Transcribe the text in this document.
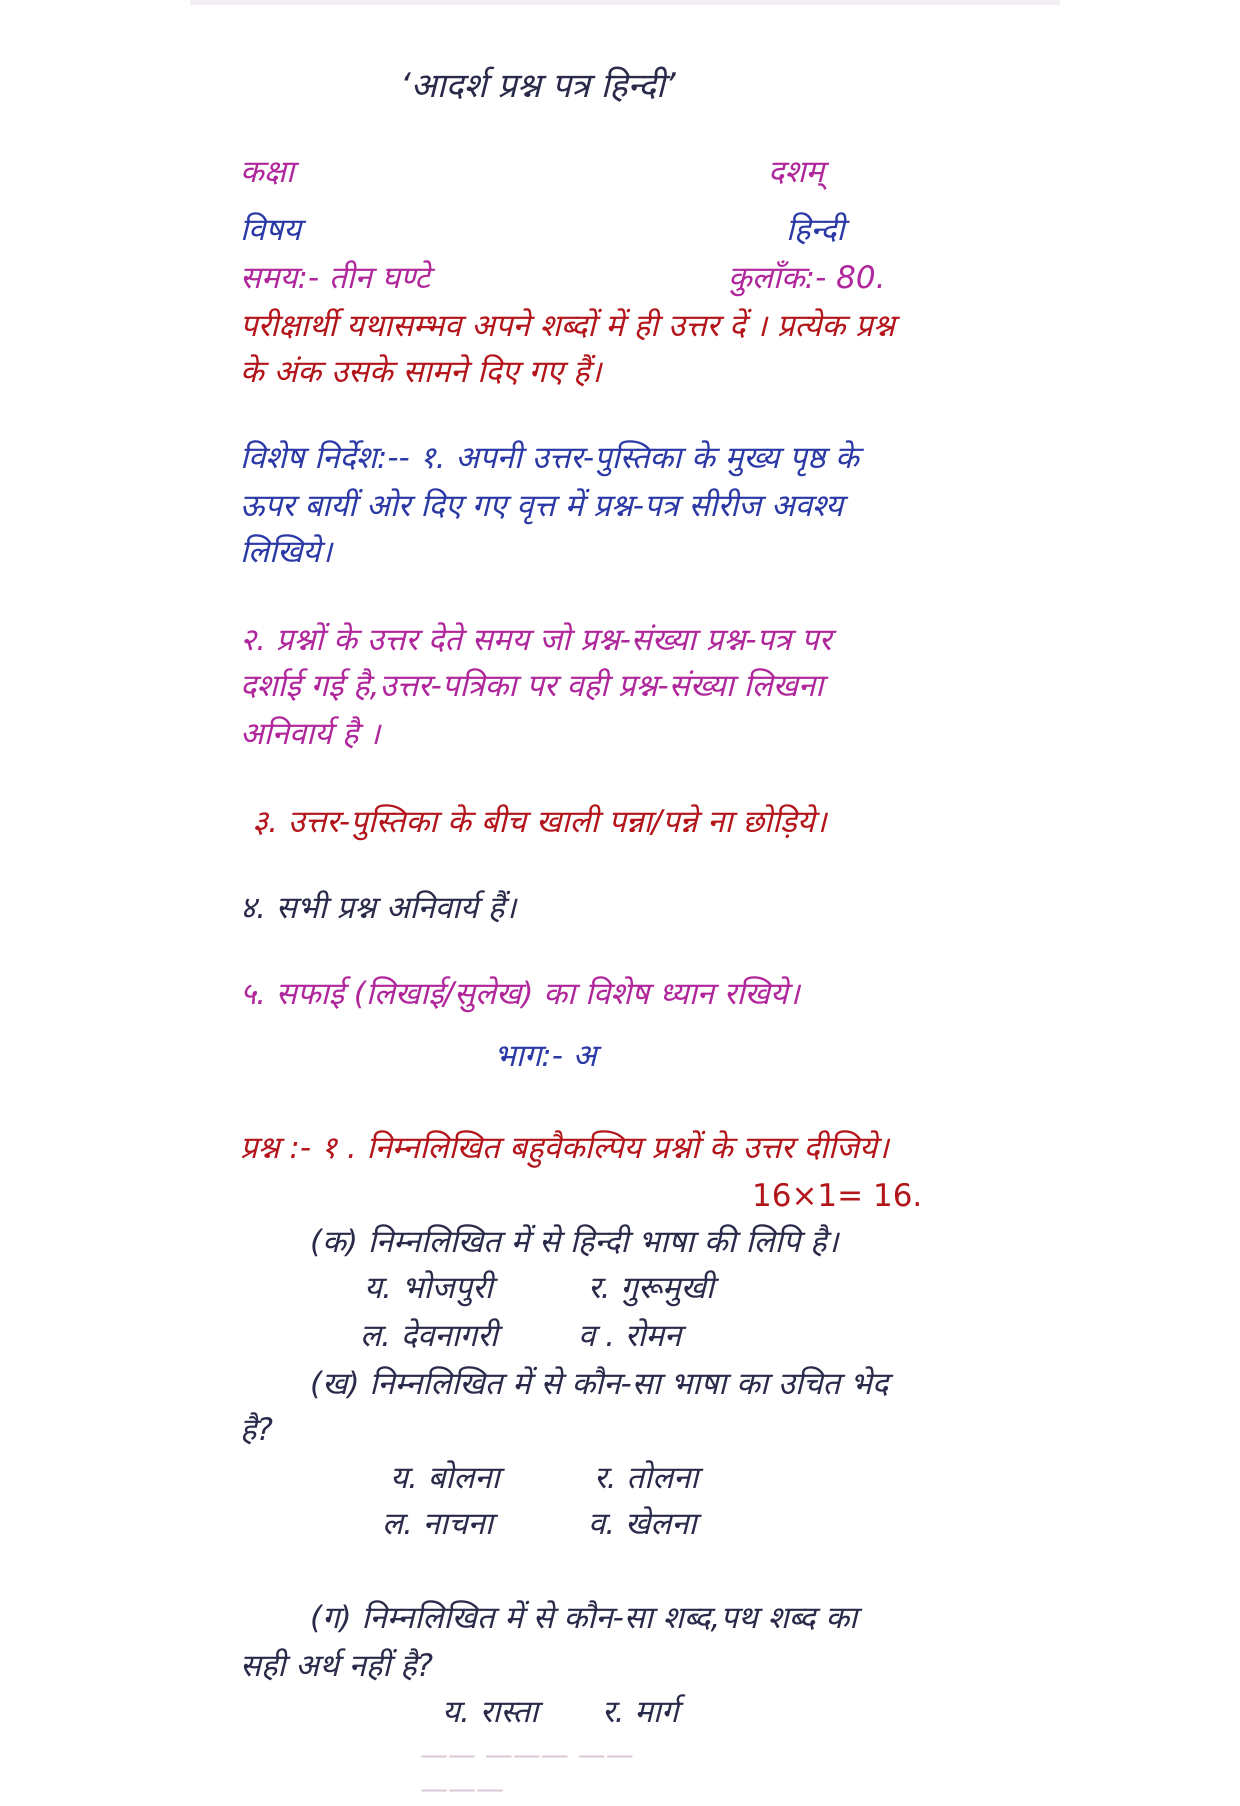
‘आदर्श प्रश्न पत्र हिन्दी’
कक्षा	दशम्
विषय	हिन्दी
समय:- तीन घण्टे	कुलाँक:- 80.
परीक्षार्थी यथासम्भव अपने शब्दों में ही उत्तर दें । प्रत्येक प्रश्न
के अंक उसके सामने दिए गए हैं।
विशेष निर्देश:-- १. अपनी उत्तर-पुस्तिका के मुख्य पृष्ठ के
ऊपर बायीं ओर दिए गए वृत्त में प्रश्न-पत्र सीरीज अवश्य
लिखिये।
२. प्रश्नों के उत्तर देते समय जो प्रश्न-संख्या प्रश्न-पत्र पर
दर्शाई गई है,उत्तर-पत्रिका पर वही प्रश्न-संख्या लिखना
अनिवार्य है ।
३. उत्तर-पुस्तिका के बीच खाली पन्ना/पन्ने ना छोड़िये।
४. सभी प्रश्न अनिवार्य हैं।
५. सफाई (लिखाई/सुलेख) का विशेष ध्यान रखिये।
भाग:- अ
प्रश्न :- १ . निम्नलिखित बहुवैकल्पिय प्रश्नों के उत्तर दीजिये।
16×1= 16.
(क) निम्नलिखित में से हिन्दी भाषा की लिपि है।
य. भोजपुरी	र. गुरूमुखी
ल. देवनागरी	व . रोमन
(ख) निम्नलिखित में से कौन-सा भाषा का उचित भेद
है?
य. बोलना	र. तोलना
ल. नाचना	व. खेलना
(ग) निम्नलिखित में से कौन-सा शब्द,पथ शब्द का
सही अर्थ नहीं है?
य. रास्ता र. मार्ग
—— ——— —— ———
